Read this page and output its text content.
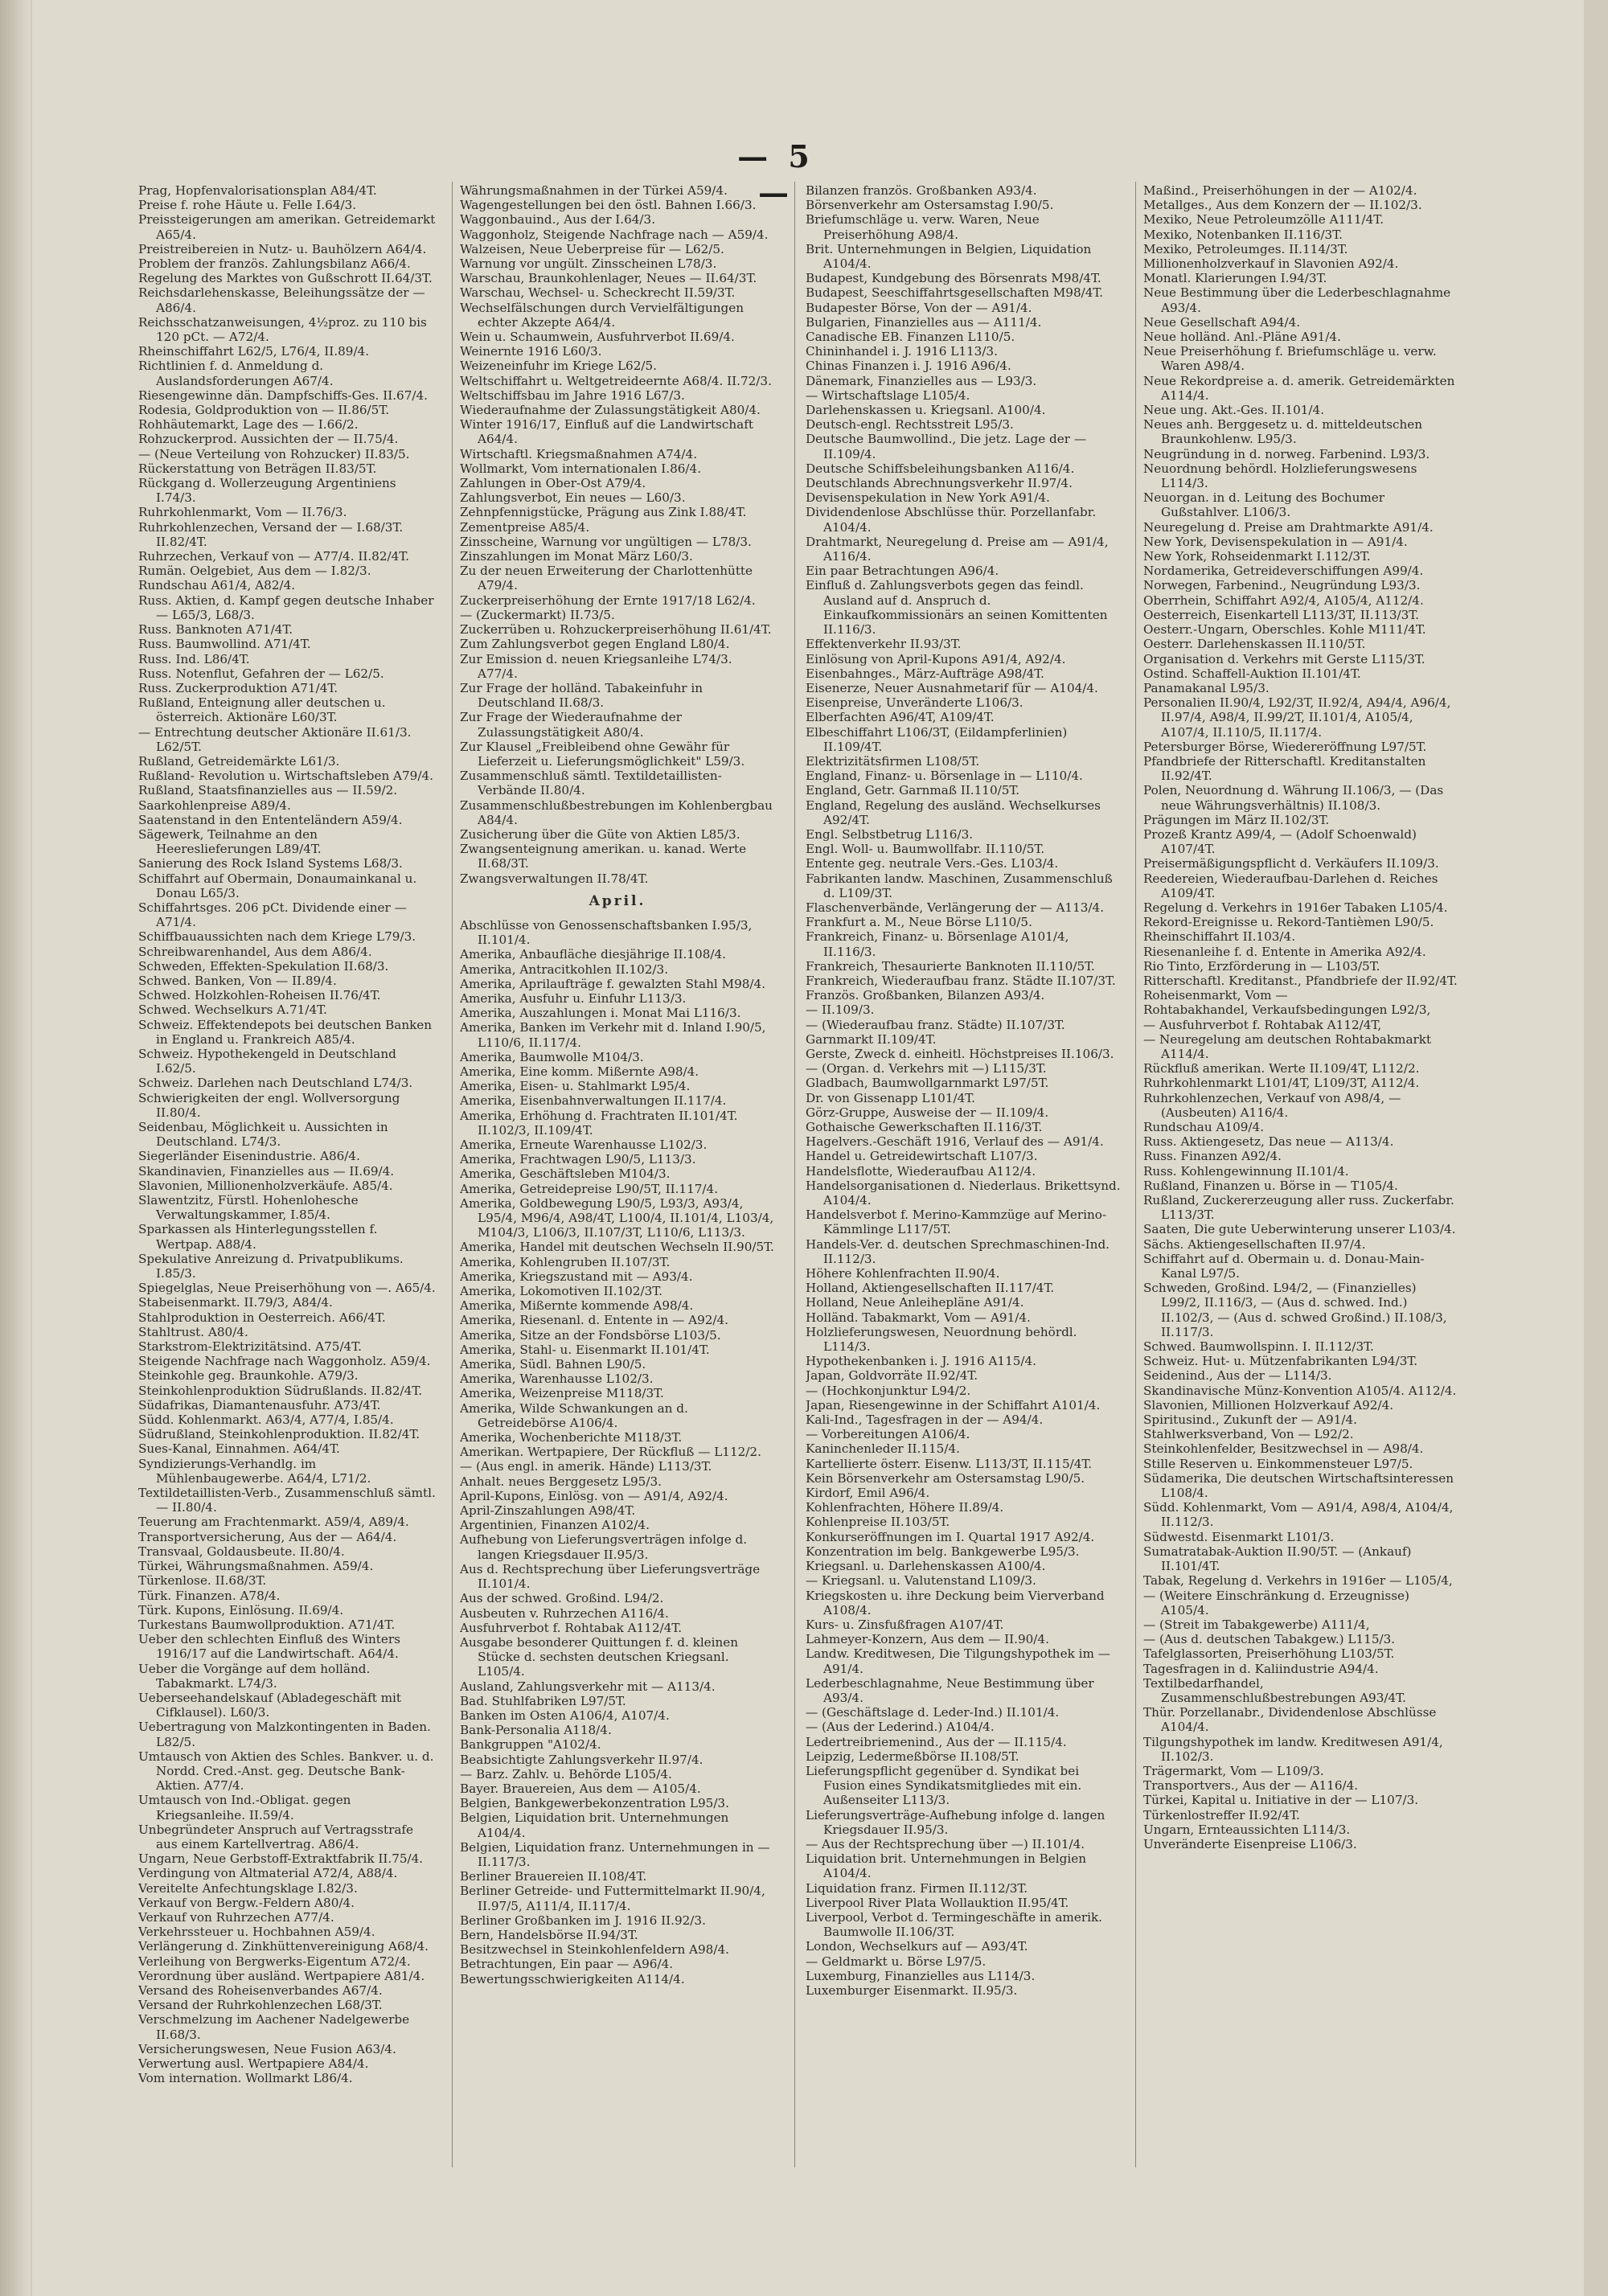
— 5 —

Prag, Hopfenvalorisationsplan A84/4T.

Preise f. rohe Häute u. Felle I.64/3.

Preissteigerungen am amerikan. Getreidemarkt A65/4.

Preistreibereien in Nutz- u. Bauhölzern A64/4.

Problem der französ. Zahlungsbilanz A66/4.

Regelung des Marktes von Gußschrott II.64/3T.

Reichsdarlehenskasse, Beleihungssätze der — A86/4.

Reichsschatzanweisungen, 4½proz. zu 110 bis 120 pCt. — A72/4.

Rheinschiffahrt L62/5, L76/4, II.89/4.

Richtlinien f. d. Anmeldung d. Auslandsforderungen A67/4.

Riesengewinne dän. Dampfschiffs-Ges. II.67/4.

Rodesia, Goldproduktion von — II.86/5T.

Rohhäutemarkt, Lage des — I.66/2.

Rohzuckerprod. Aussichten der — II.75/4.

— (Neue Verteilung von Rohzucker) II.83/5.

Rückerstattung von Beträgen II.83/5T.

Rückgang d. Wollerzeugung Argentiniens I.74/3.

Ruhrkohlenmarkt, Vom — II.76/3.

Ruhrkohlenzechen, Versand der — I.68/3T. II.82/4T.

Ruhrzechen, Verkauf von — A77/4. II.82/4T.

Rumän. Oelgebiet, Aus dem — I.82/3.

Rundschau A61/4, A82/4.

Russ. Aktien, d. Kampf gegen deutsche Inhaber — L65/3, L68/3.

Russ. Banknoten A71/4T.

Russ. Baumwollind. A71/4T.

Russ. Ind. L86/4T.

Russ. Notenflut, Gefahren der — L62/5.

Russ. Zuckerproduktion A71/4T.

Rußland, Enteignung aller deutschen u. österreich. Aktionäre L60/3T.

— Entrechtung deutscher Aktionäre II.61/3. L62/5T.

Rußland, Getreidemärkte L61/3.

Rußland- Revolution u. Wirtschaftsleben A79/4.

Rußland, Staatsfinanzielles aus — II.59/2.

Saarkohlenpreise A89/4.

Saatenstand in den Ententeländern A59/4.

Sägewerk, Teilnahme an den Heereslieferungen L89/4T.

Sanierung des Rock Island Systems L68/3.

Schiffahrt auf Obermain, Donaumainkanal u. Donau L65/3.

Schiffahrtsges. 206 pCt. Dividende einer — A71/4.

Schiffbauaussichten nach dem Kriege L79/3.

Schreibwarenhandel, Aus dem A86/4.

Schweden, Effekten-Spekulation II.68/3.

Schwed. Banken, Von — II.89/4.

Schwed. Holzkohlen-Roheisen II.76/4T.

Schwed. Wechselkurs A.71/4T.

Schweiz. Effektendepots bei deutschen Banken in England u. Frankreich A85/4.

Schweiz. Hypothekengeld in Deutschland I.62/5.

Schweiz. Darlehen nach Deutschland L74/3.

Schwierigkeiten der engl. Wollversorgung II.80/4.

Seidenbau, Möglichkeit u. Aussichten in Deutschland. L74/3.

Siegerländer Eisenindustrie. A86/4.

Skandinavien, Finanzielles aus — II.69/4.

Slavonien, Millionenholzverkäufe. A85/4.

Slawentzitz, Fürstl. Hohenlohesche Verwaltungskammer, I.85/4.

Sparkassen als Hinterlegungsstellen f. Wertpap. A88/4.

Spekulative Anreizung d. Privatpublikums. I.85/3.

Spiegelglas, Neue Preiserhöhung von —. A65/4.

Stabeisenmarkt. II.79/3, A84/4.

Stahlproduktion in Oesterreich. A66/4T.

Stahltrust. A80/4.

Starkstrom-Elektrizitätsind. A75/4T.

Steigende Nachfrage nach Waggonholz. A59/4.

Steinkohle geg. Braunkohle. A79/3.

Steinkohlenproduktion Südrußlands. II.82/4T.

Südafrikas, Diamantenausfuhr. A73/4T.

Südd. Kohlenmarkt. A63/4, A77/4, I.85/4.

Südrußland, Steinkohlenproduktion. II.82/4T.

Sues-Kanal, Einnahmen. A64/4T.

Syndizierungs-Verhandlg. im Mühlenbaugewerbe. A64/4, L71/2.

Textildetaillisten-Verb., Zusammenschluß sämtl. — II.80/4.

Teuerung am Frachtenmarkt. A59/4, A89/4.

Transportversicherung, Aus der — A64/4.

Transvaal, Goldausbeute. II.80/4.

Türkei, Währungsmaßnahmen. A59/4.

Türkenlose. II.68/3T.

Türk. Finanzen. A78/4.

Türk. Kupons, Einlösung. II.69/4.

Turkestans Baumwollproduktion. A71/4T.

Ueber den schlechten Einfluß des Winters 1916/17 auf die Landwirtschaft. A64/4.

Ueber die Vorgänge auf dem holländ. Tabakmarkt. L74/3.

Ueberseehandelskauf (Abladegeschäft mit Cifklausel). L60/3.

Uebertragung von Malzkontingenten in Baden. L82/5.

Umtausch von Aktien des Schles. Bankver. u. d. Nordd. Cred.-Anst. geg. Deutsche Bank-Aktien. A77/4.

Umtausch von Ind.-Obligat. gegen Kriegsanleihe. II.59/4.

Unbegründeter Anspruch auf Vertragsstrafe aus einem Kartellvertrag. A86/4.

Ungarn, Neue Gerbstoff-Extraktfabrik II.75/4.

Verdingung von Altmaterial A72/4, A88/4.

Vereitelte Anfechtungsklage I.82/3.

Verkauf von Bergw.-Feldern A80/4.

Verkauf von Ruhrzechen A77/4.

Verkehrssteuer u. Hochbahnen A59/4.

Verlängerung d. Zinkhüttenvereinigung A68/4.

Verleihung von Bergwerks-Eigentum A72/4.

Verordnung über ausländ. Wertpapiere A81/4.

Versand des Roheisenverbandes A67/4.

Versand der Ruhrkohlenzechen L68/3T.

Verschmelzung im Aachener Nadelgewerbe II.68/3.

Versicherungswesen, Neue Fusion A63/4.

Verwertung ausl. Wertpapiere A84/4.

Vom internation. Wollmarkt L86/4.

Währungsmaßnahmen in der Türkei A59/4.

Wagengestellungen bei den östl. Bahnen I.66/3.

Waggonbauind., Aus der I.64/3.

Waggonholz, Steigende Nachfrage nach — A59/4.

Walzeisen, Neue Ueberpreise für — L62/5.

Warnung vor ungült. Zinsscheinen L78/3.

Warschau, Braunkohlenlager, Neues — II.64/3T.

Warschau, Wechsel- u. Scheckrecht II.59/3T.

Wechselfälschungen durch Vervielfältigungen echter Akzepte A64/4.

Wein u. Schaumwein, Ausfuhrverbot II.69/4.

Weinernte 1916 L60/3.

Weizeneinfuhr im Kriege L62/5.

Weltschiffahrt u. Weltgetreideernte A68/4. II.72/3.

Weltschiffsbau im Jahre 1916 L67/3.

Wiederaufnahme der Zulassungstätigkeit A80/4.

Winter 1916/17, Einfluß auf die Landwirtschaft A64/4.

Wirtschaftl. Kriegsmaßnahmen A74/4.

Wollmarkt, Vom internationalen I.86/4.

Zahlungen in Ober-Ost A79/4.

Zahlungsverbot, Ein neues — L60/3.

Zehnpfennigstücke, Prägung aus Zink I.88/4T.

Zementpreise A85/4.

Zinsscheine, Warnung vor ungültigen — L78/3.

Zinszahlungen im Monat März L60/3.

Zu der neuen Erweiterung der Charlottenhütte A79/4.

Zuckerpreiserhöhung der Ernte 1917/18 L62/4.

— (Zuckermarkt) II.73/5.

Zuckerrüben u. Rohzuckerpreiserhöhung II.61/4T.

Zum Zahlungsverbot gegen England L80/4.

Zur Emission d. neuen Kriegsanleihe L74/3. A77/4.

Zur Frage der holländ. Tabakeinfuhr in Deutschland II.68/3.

Zur Frage der Wiederaufnahme der Zulassungstätigkeit A80/4.

Zur Klausel „Freibleibend ohne Gewähr für Lieferzeit u. Lieferungsmöglichkeit" L59/3.

Zusammenschluß sämtl. Textildetaillisten-Verbände II.80/4.

Zusammenschlußbestrebungen im Kohlenbergbau A84/4.

Zusicherung über die Güte von Aktien L85/3.

Zwangsenteignung amerikan. u. kanad. Werte II.68/3T.

Zwangsverwaltungen II.78/4T.

April.

Abschlüsse von Genossenschaftsbanken I.95/3, II.101/4.

Amerika, Anbaufläche diesjährige II.108/4.

Amerika, Antracitkohlen II.102/3.

Amerika, Aprilaufträge f. gewalzten Stahl M98/4.

Amerika, Ausfuhr u. Einfuhr L113/3.

Amerika, Auszahlungen i. Monat Mai L116/3.

Amerika, Banken im Verkehr mit d. Inland I.90/5, L110/6, II.117/4.

Amerika, Baumwolle M104/3.

Amerika, Eine komm. Mißernte A98/4.

Amerika, Eisen- u. Stahlmarkt L95/4.

Amerika, Eisenbahnverwaltungen II.117/4.

Amerika, Erhöhung d. Frachtraten II.101/4T. II.102/3, II.109/4T.

Amerika, Erneute Warenhausse L102/3.

Amerika, Frachtwagen L90/5, L113/3.

Amerika, Geschäftsleben M104/3.

Amerika, Getreidepreise L90/5T, II.117/4.

Amerika, Goldbewegung L90/5, L93/3, A93/4, L95/4, M96/4, A98/4T, L100/4, II.101/4, L103/4, M104/3, L106/3, II.107/3T, L110/6, L113/3.

Amerika, Handel mit deutschen Wechseln II.90/5T.

Amerika, Kohlengruben II.107/3T.

Amerika, Kriegszustand mit — A93/4.

Amerika, Lokomotiven II.102/3T.

Amerika, Mißernte kommende A98/4.

Amerika, Riesenanl. d. Entente in — A92/4.

Amerika, Sitze an der Fondsbörse L103/5.

Amerika, Stahl- u. Eisenmarkt II.101/4T.

Amerika, Südl. Bahnen L90/5.

Amerika, Warenhausse L102/3.

Amerika, Weizenpreise M118/3T.

Amerika, Wilde Schwankungen an d. Getreidebörse A106/4.

Amerika, Wochenberichte M118/3T.

Amerikan. Wertpapiere, Der Rückfluß — L112/2.

— (Aus engl. in amerik. Hände) L113/3T.

Anhalt. neues Berggesetz L95/3.

April-Kupons, Einlösg. von — A91/4, A92/4.

April-Zinszahlungen A98/4T.

Argentinien, Finanzen A102/4.

Aufhebung von Lieferungsverträgen infolge d. langen Kriegsdauer II.95/3.

Aus d. Rechtsprechung über Lieferungsverträge II.101/4.

Aus der schwed. Großind. L94/2.

Ausbeuten v. Ruhrzechen A116/4.

Ausfuhrverbot f. Rohtabak A112/4T.

Ausgabe besonderer Quittungen f. d. kleinen Stücke d. sechsten deutschen Kriegsanl. L105/4.

Ausland, Zahlungsverkehr mit — A113/4.

Bad. Stuhlfabriken L97/5T.

Banken im Osten A106/4, A107/4.

Bank-Personalia A118/4.

Bankgruppen "A102/4.

Beabsichtigte Zahlungsverkehr II.97/4.

— Barz. Zahlv. u. Behörde L105/4.

Bayer. Brauereien, Aus dem — A105/4.

Belgien, Bankgewerbekonzentration L95/3.

Belgien, Liquidation brit. Unternehmungen A104/4.

Belgien, Liquidation franz. Unternehmungen in — II.117/3.

Berliner Brauereien II.108/4T.

Berliner Getreide- und Futtermittelmarkt II.90/4, II.97/5, A111/4, II.117/4.

Berliner Großbanken im J. 1916 II.92/3.

Bern, Handelsbörse II.94/3T.

Besitzwechsel in Steinkohlenfeldern A98/4.

Betrachtungen, Ein paar — A96/4.

Bewertungsschwierigkeiten A114/4.

Bilanzen französ. Großbanken A93/4.

Börsenverkehr am Ostersamstag I.90/5.

Briefumschläge u. verw. Waren, Neue Preiserhöhung A98/4.

Brit. Unternehmungen in Belgien, Liquidation A104/4.

Budapest, Kundgebung des Börsenrats M98/4T.

Budapest, Seeschiffahrtsgesellschaften M98/4T.

Budapester Börse, Von der — A91/4.

Bulgarien, Finanzielles aus — A111/4.

Canadische EB. Finanzen L110/5.

Chininhandel i. J. 1916 L113/3.

Chinas Finanzen i. J. 1916 A96/4.

Dänemark, Finanzielles aus — L93/3.

— Wirtschaftslage L105/4.

Darlehenskassen u. Kriegsanl. A100/4.

Deutsch-engl. Rechtsstreit L95/3.

Deutsche Baumwollind., Die jetz. Lage der — II.109/4.

Deutsche Schiffsbeleihungsbanken A116/4.

Deutschlands Abrechnungsverkehr II.97/4.

Devisenspekulation in New York A91/4.

Dividendenlose Abschlüsse thür. Porzellanfabr. A104/4.

Drahtmarkt, Neuregelung d. Preise am — A91/4, A116/4.

Ein paar Betrachtungen A96/4.

Einfluß d. Zahlungsverbots gegen das feindl. Ausland auf d. Anspruch d. Einkaufkommissionärs an seinen Komittenten II.116/3.

Effektenverkehr II.93/3T.

Einlösung von April-Kupons A91/4, A92/4.

Eisenbahnges., März-Aufträge A98/4T.

Eisenerze, Neuer Ausnahmetarif für — A104/4.

Eisenpreise, Unveränderte L106/3.

Elberfachten A96/4T, A109/4T.

Elbeschiffahrt L106/3T, (Eildampferlinien) II.109/4T.

Elektrizitätsfirmen L108/5T.

England, Finanz- u. Börsenlage in — L110/4.

England, Getr. Garnmaß II.110/5T.

England, Regelung des ausländ. Wechselkurses A92/4T.

Engl. Selbstbetrug L116/3.

Engl. Woll- u. Baumwollfabr. II.110/5T.

Entente geg. neutrale Vers.-Ges. L103/4.

Fabrikanten landw. Maschinen, Zusammenschluß d. L109/3T.

Flaschenverbände, Verlängerung der — A113/4.

Frankfurt a. M., Neue Börse L110/5.

Frankreich, Finanz- u. Börsenlage A101/4, II.116/3.

Frankreich, Thesaurierte Banknoten II.110/5T.

Frankreich, Wiederaufbau franz. Städte II.107/3T.

Französ. Großbanken, Bilanzen A93/4.

— II.109/3.

— (Wiederaufbau franz. Städte) II.107/3T.

Garnmarkt II.109/4T.

Gerste, Zweck d. einheitl. Höchstpreises II.106/3.

— (Organ. d. Verkehrs mit —) L115/3T.

Gladbach, Baumwollgarnmarkt L97/5T.

Dr. von Gissenapp L101/4T.

Görz-Gruppe, Ausweise der — II.109/4.

Gothaische Gewerkschaften II.116/3T.

Hagelvers.-Geschäft 1916, Verlauf des — A91/4.

Handel u. Getreidewirtschaft L107/3.

Handelsflotte, Wiederaufbau A112/4.

Handelsorganisationen d. Niederlaus. Brikettsynd. A104/4.

Handelsverbot f. Merino-Kammzüge auf Merino-Kämmlinge L117/5T.

Handels-Ver. d. deutschen Sprechmaschinen-Ind. II.112/3.

Höhere Kohlenfrachten II.90/4.

Holland, Aktiengesellschaften II.117/4T.

Holland, Neue Anleihepläne A91/4.

Holländ. Tabakmarkt, Vom — A91/4.

Holzlieferungswesen, Neuordnung behördl. L114/3.

Hypothekenbanken i. J. 1916 A115/4.

Japan, Goldvorräte II.92/4T.

— (Hochkonjunktur L94/2.

Japan, Riesengewinne in der Schiffahrt A101/4.

Kali-Ind., Tagesfragen in der — A94/4.

— Vorbereitungen A106/4.

Kaninchenleder II.115/4.

Kartellierte österr. Eisenw. L113/3T, II.115/4T.

Kein Börsenverkehr am Ostersamstag L90/5.

Kirdorf, Emil A96/4.

Kohlenfrachten, Höhere II.89/4.

Kohlenpreise II.103/5T.

Konkurseröffnungen im I. Quartal 1917 A92/4.

Konzentration im belg. Bankgewerbe L95/3.

Kriegsanl. u. Darlehenskassen A100/4.

— Kriegsanl. u. Valutenstand L109/3.

Kriegskosten u. ihre Deckung beim Vierverband A108/4.

Kurs- u. Zinsfußfragen A107/4T.

Lahmeyer-Konzern, Aus dem — II.90/4.

Landw. Kreditwesen, Die Tilgungshypothek im — A91/4.

Lederbeschlagnahme, Neue Bestimmung über A93/4.

— (Geschäftslage d. Leder-Ind.) II.101/4.

— (Aus der Lederind.) A104/4.

Ledertreibriemenind., Aus der — II.115/4.

Leipzig, Ledermeßbörse II.108/5T.

Lieferungspflicht gegenüber d. Syndikat bei Fusion eines Syndikatsmitgliedes mit ein. Außenseiter L113/3.

Lieferungsverträge-Aufhebung infolge d. langen Kriegsdauer II.95/3.

— Aus der Rechtsprechung über —) II.101/4.

Liquidation brit. Unternehmungen in Belgien A104/4.

Liquidation franz. Firmen II.112/3T.

Liverpool River Plata Wollauktion II.95/4T.

Liverpool, Verbot d. Termingeschäfte in amerik. Baumwolle II.106/3T.

London, Wechselkurs auf — A93/4T.

— Geldmarkt u. Börse L97/5.

Luxemburg, Finanzielles aus L114/3.

Luxemburger Eisenmarkt. II.95/3.

Maßind., Preiserhöhungen in der — A102/4.

Metallges., Aus dem Konzern der — II.102/3.

Mexiko, Neue Petroleumzölle A111/4T.

Mexiko, Notenbanken II.116/3T.

Mexiko, Petroleumges. II.114/3T.

Millionenholzverkauf in Slavonien A92/4.

Monatl. Klarierungen I.94/3T.

Neue Bestimmung über die Lederbeschlagnahme A93/4.

Neue Gesellschaft A94/4.

Neue holländ. Anl.-Pläne A91/4.

Neue Preiserhöhung f. Briefumschläge u. verw. Waren A98/4.

Neue Rekordpreise a. d. amerik. Getreidemärkten A114/4.

Neue ung. Akt.-Ges. II.101/4.

Neues anh. Berggesetz u. d. mitteldeutschen Braunkohlenw. L95/3.

Neugründung in d. norweg. Farbenind. L93/3.

Neuordnung behördl. Holzlieferungswesens L114/3.

Neuorgan. in d. Leitung des Bochumer Gußstahlver. L106/3.

Neuregelung d. Preise am Drahtmarkte A91/4.

New York, Devisenspekulation in — A91/4.

New York, Rohseidenmarkt I.112/3T.

Nordamerika, Getreideverschiffungen A99/4.

Norwegen, Farbenind., Neugründung L93/3.

Oberrhein, Schiffahrt A92/4, A105/4, A112/4.

Oesterreich, Eisenkartell L113/3T, II.113/3T.

Oesterr.-Ungarn, Oberschles. Kohle M111/4T.

Oesterr. Darlehenskassen II.110/5T.

Organisation d. Verkehrs mit Gerste L115/3T.

Ostind. Schaffell-Auktion II.101/4T.

Panamakanal L95/3.

Personalien II.90/4, L92/3T, II.92/4, A94/4, A96/4, II.97/4, A98/4, II.99/2T, II.101/4, A105/4, A107/4, II.110/5, II.117/4.

Petersburger Börse, Wiedereröffnung L97/5T.

Pfandbriefe der Ritterschaftl. Kreditanstalten II.92/4T.

Polen, Neuordnung d. Währung II.106/3, — (Das neue Währungsverhältnis) II.108/3.

Prägungen im März II.102/3T.

Prozeß Krantz A99/4, — (Adolf Schoenwald) A107/4T.

Preisermäßigungspflicht d. Verkäufers II.109/3.

Reedereien, Wiederaufbau-Darlehen d. Reiches A109/4T.

Regelung d. Verkehrs in 1916er Tabaken L105/4.

Rekord-Ereignisse u. Rekord-Tantièmen L90/5.

Rheinschiffahrt II.103/4.

Riesenanleihe f. d. Entente in Amerika A92/4.

Rio Tinto, Erzförderung in — L103/5T.

Ritterschaftl. Kreditanst., Pfandbriefe der II.92/4T.

Roheisenmarkt, Vom —

Rohtabakhandel, Verkaufsbedingungen L92/3,

— Ausfuhrverbot f. Rohtabak A112/4T,

— Neuregelung am deutschen Rohtabakmarkt A114/4.

Rückfluß amerikan. Werte II.109/4T, L112/2.

Ruhrkohlenmarkt L101/4T, L109/3T, A112/4.

Ruhrkohlenzechen, Verkauf von A98/4, — (Ausbeuten) A116/4.

Rundschau A109/4.

Russ. Aktiengesetz, Das neue — A113/4.

Russ. Finanzen A92/4.

Russ. Kohlengewinnung II.101/4.

Rußland, Finanzen u. Börse in — T105/4.

Rußland, Zuckererzeugung aller russ. Zuckerfabr. L113/3T.

Saaten, Die gute Ueberwinterung unserer L103/4.

Sächs. Aktiengesellschaften II.97/4.

Schiffahrt auf d. Obermain u. d. Donau-Main-Kanal L97/5.

Schweden, Großind. L94/2, — (Finanzielles) L99/2, II.116/3, — (Aus d. schwed. Ind.) II.102/3, — (Aus d. schwed Großind.) II.108/3, II.117/3.

Schwed. Baumwollspinn. I. II.112/3T.

Schweiz. Hut- u. Mützenfabrikanten L94/3T.

Seidenind., Aus der — L114/3.

Skandinavische Münz-Konvention A105/4. A112/4.

Slavonien, Millionen Holzverkauf A92/4.

Spiritusind., Zukunft der — A91/4.

Stahlwerksverband, Von — L92/2.

Steinkohlenfelder, Besitzwechsel in — A98/4.

Stille Reserven u. Einkommensteuer L97/5.

Südamerika, Die deutschen Wirtschaftsinteressen L108/4.

Südd. Kohlenmarkt, Vom — A91/4, A98/4, A104/4, II.112/3.

Südwestd. Eisenmarkt L101/3.

Sumatratabak-Auktion II.90/5T. — (Ankauf) II.101/4T.

Tabak, Regelung d. Verkehrs in 1916er — L105/4,

— (Weitere Einschränkung d. Erzeugnisse) A105/4.

— (Streit im Tabakgewerbe) A111/4,

— (Aus d. deutschen Tabakgew.) L115/3.

Tafelglassorten, Preiserhöhung L103/5T.

Tagesfragen in d. Kaliindustrie A94/4.

Textilbedarfhandel, Zusammenschlußbestrebungen A93/4T.

Thür. Porzellanabr., Dividendenlose Abschlüsse A104/4.

Tilgungshypothek im landw. Kreditwesen A91/4, II.102/3.

Trägermarkt, Vom — L109/3.

Transportvers., Aus der — A116/4.

Türkei, Kapital u. Initiative in der — L107/3.

Türkenlostreffer II.92/4T.

Ungarn, Ernteaussichten L114/3.

Unveränderte Eisenpreise L106/3.
